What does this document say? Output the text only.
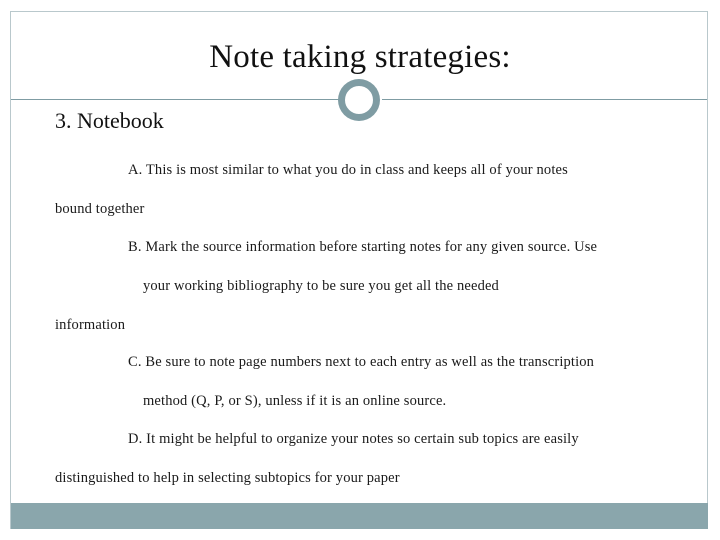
Note taking strategies:
3. Notebook
A. This is most similar to what you do in class and keeps all of your notes
bound together
B. Mark the source information before starting notes for any given source. Use
your working bibliography to be sure you get all the needed
information
C. Be sure to note page numbers next to each entry as well as the transcription
method (Q, P, or S), unless if it is an online source.
D. It might be helpful to organize your notes so certain sub topics are easily
distinguished to help in selecting subtopics for your paper
